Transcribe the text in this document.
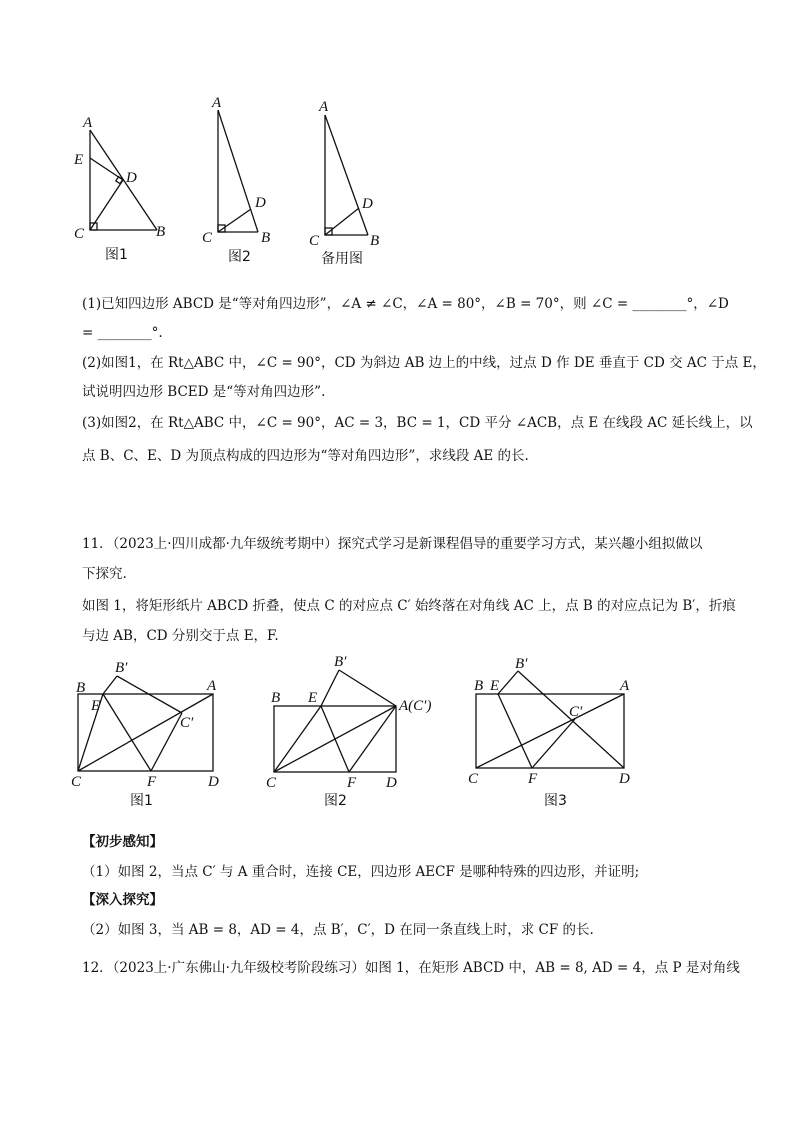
A
E
D
C	B
图1
A
D
C	B
图2
A
D
C	B
备用图
(1)已知四边形 ABCD 是“等对角四边形”，∠A ≠ ∠C，∠A = 80°，∠B = 70°，则 ∠C = ________°，∠D
= ________°.
(2)如图1，在 Rt△ABC 中，∠C = 90°，CD 为斜边 AB 边上的中线，过点 D 作 DE 垂直于 CD 交 AC 于点 E，
试说明四边形 BCED 是“等对角四边形”.
(3)如图2，在 Rt△ABC 中，∠C = 90°，AC = 3，BC = 1，CD 平分 ∠ACB，点 E 在线段 AC 延长线上，以
点 B、C、E、D 为顶点构成的四边形为“等对角四边形”，求线段 AE 的长.
11．（2023上·四川成都·九年级统考期中）探究式学习是新课程倡导的重要学习方式，某兴趣小组拟做以
下探究.
如图 1，将矩形纸片 ABCD 折叠，使点 C 的对应点 C′ 始终落在对角线 AC 上，点 B 的对应点记为 B′，折痕
与边 AB，CD 分别交于点 E，F.
B′
B
E
A
C′
C	F	D
图1
B′
B E	A(C′)
C	F D
图2
B′
B E	A
C′
C	F	D
图3
【初步感知】
（1）如图 2，当点 C′ 与 A 重合时，连接 CE，四边形 AECF 是哪种特殊的四边形，并证明;
【深入探究】
（2）如图 3，当 AB = 8，AD = 4，点 B′，C′，D 在同一条直线上时，求 CF 的长.
12．（2023上·广东佛山·九年级校考阶段练习）如图 1，在矩形 ABCD 中，AB = 8, AD = 4，点 P 是对角线
